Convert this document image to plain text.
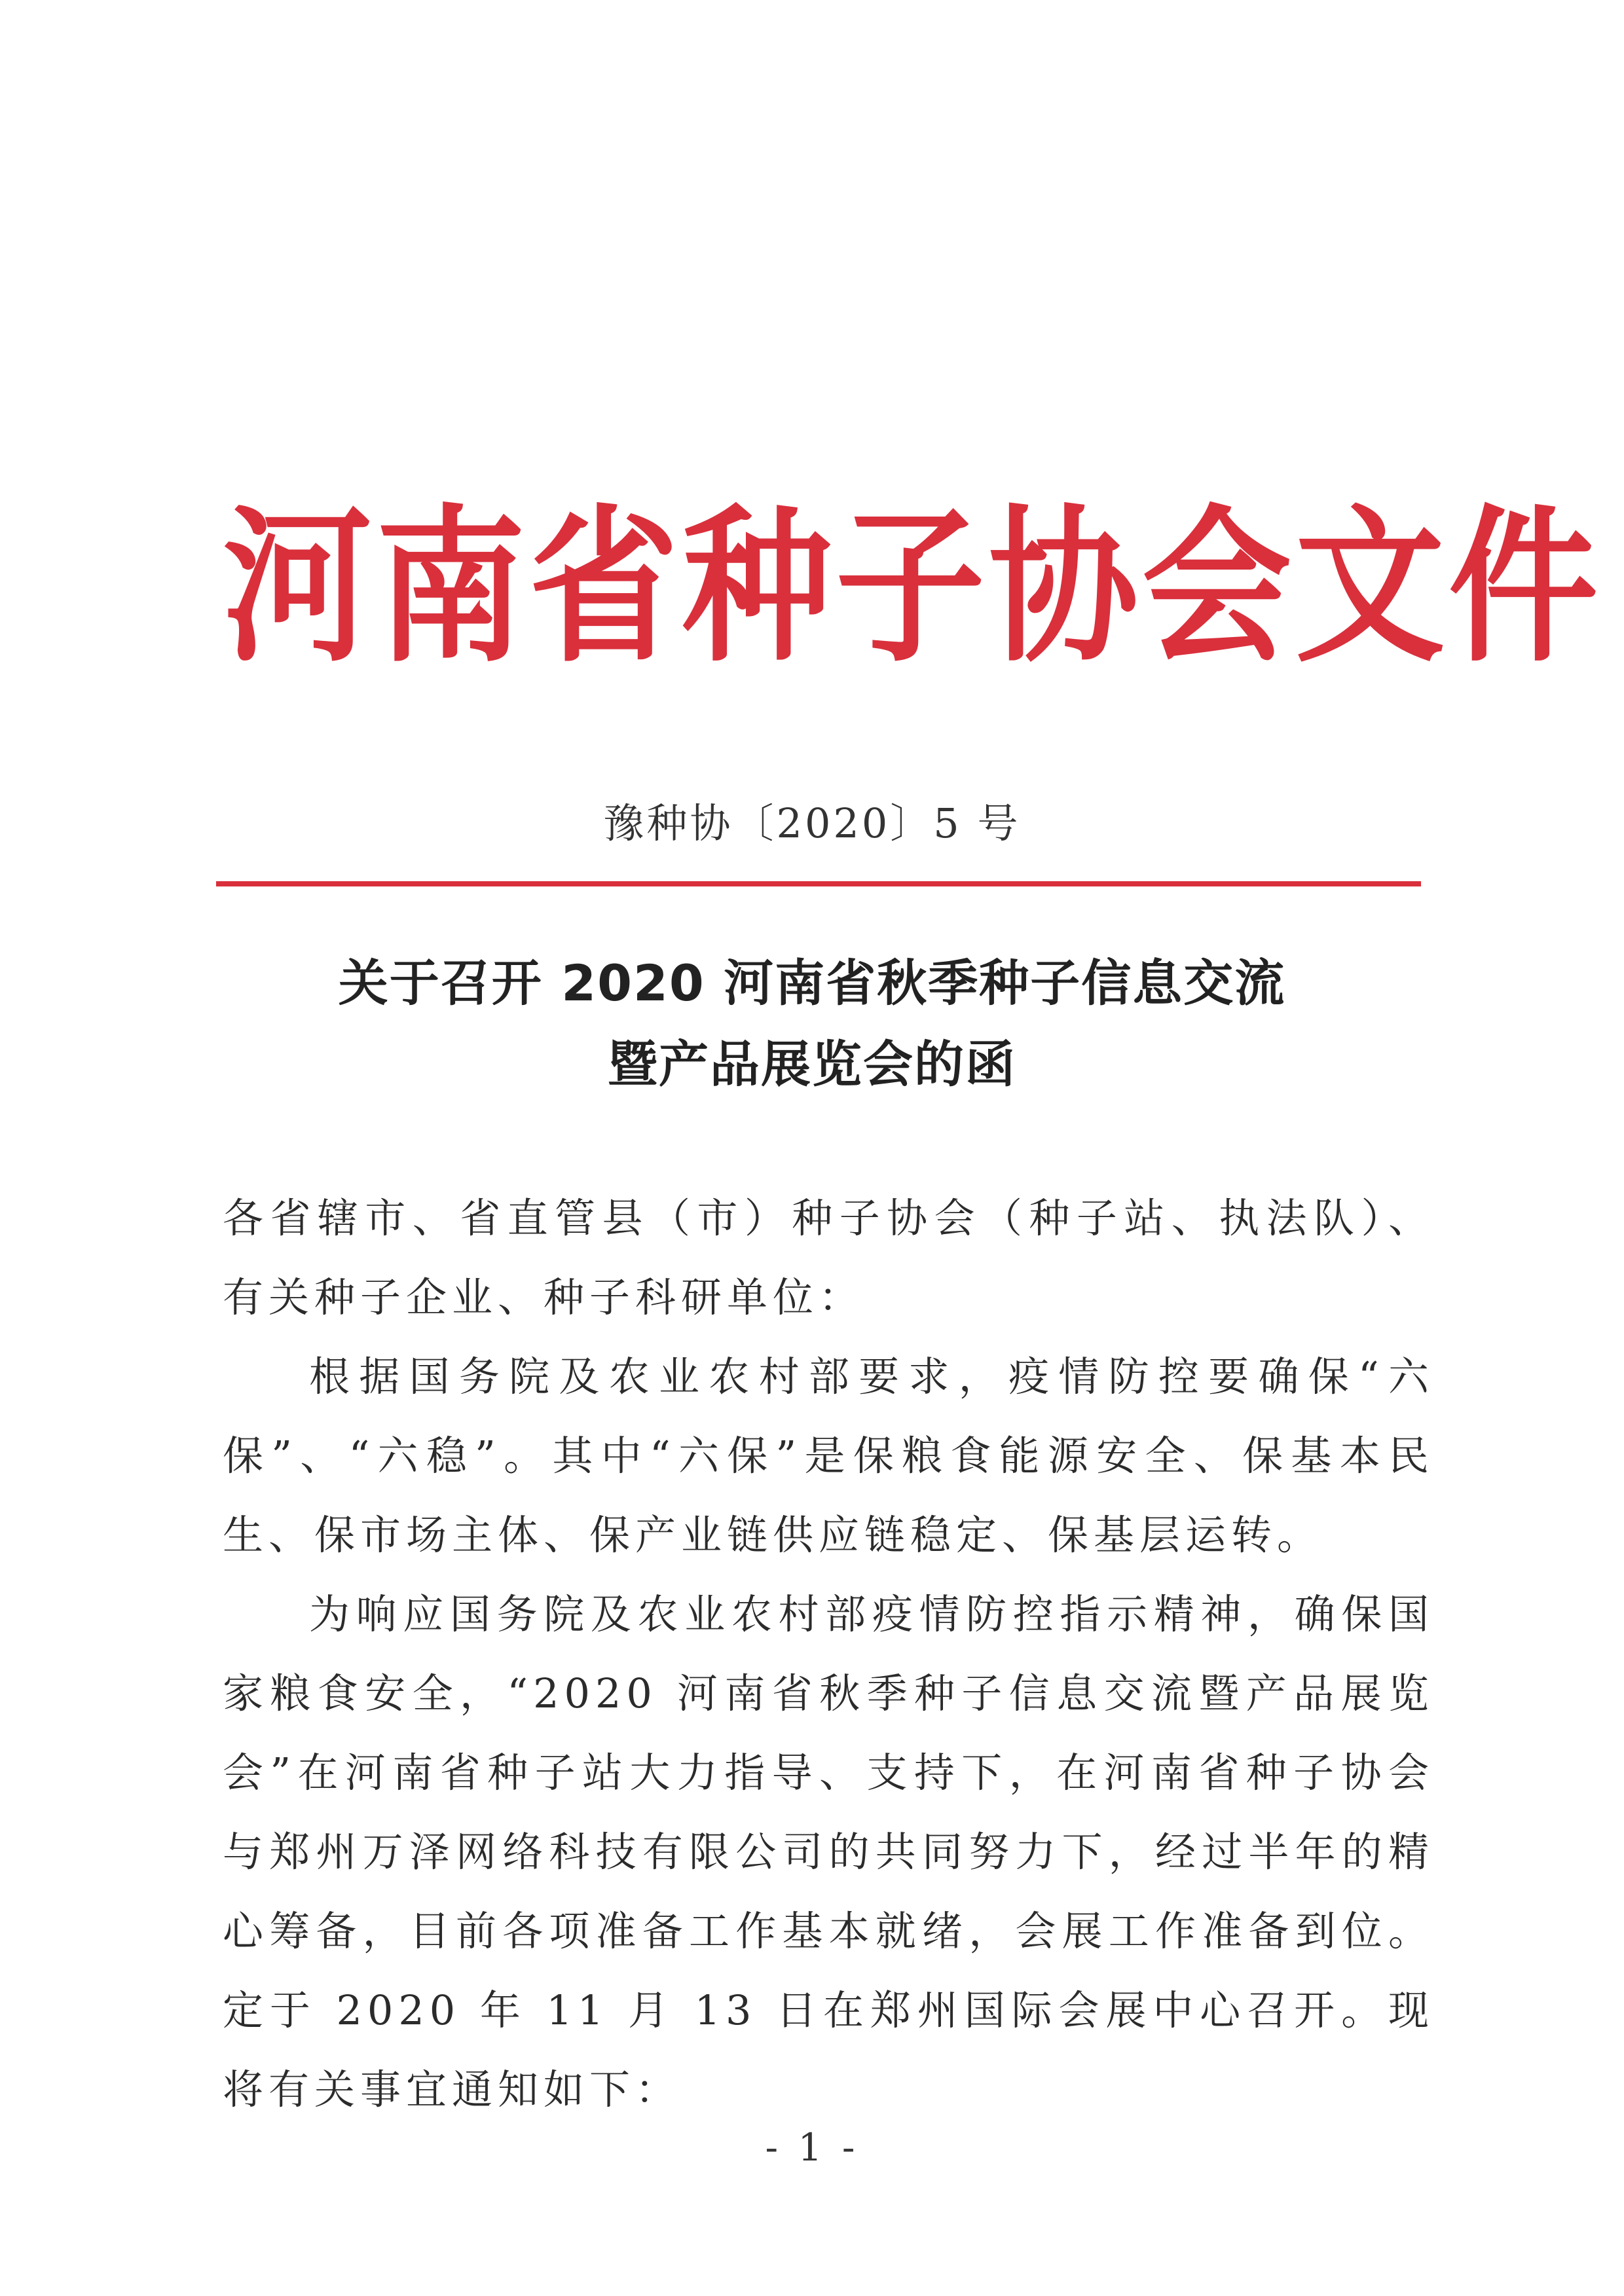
河南省种子协会文件
豫种协〔2020〕5 号
关于召开 2020 河南省秋季种子信息交流
暨产品展览会的函

各省辖市、省直管县（市）种子协会（种子站、执法队）、有关种子企业、种子科研单位：

根据国务院及农业农村部要求，疫情防控要确保“六保”、“六稳”。其中“六保”是保粮食能源安全、保基本民生、保市场主体、保产业链供应链稳定、保基层运转。

为响应国务院及农业农村部疫情防控指示精神，确保国家粮食安全，“2020 河南省秋季种子信息交流暨产品展览会”在河南省种子站大力指导、支持下，在河南省种子协会与郑州万泽网络科技有限公司的共同努力下，经过半年的精心筹备，目前各项准备工作基本就绪，会展工作准备到位。定于 2020 年 11 月 13 日在郑州国际会展中心召开。现将有关事宜通知如下：

- 1 -
